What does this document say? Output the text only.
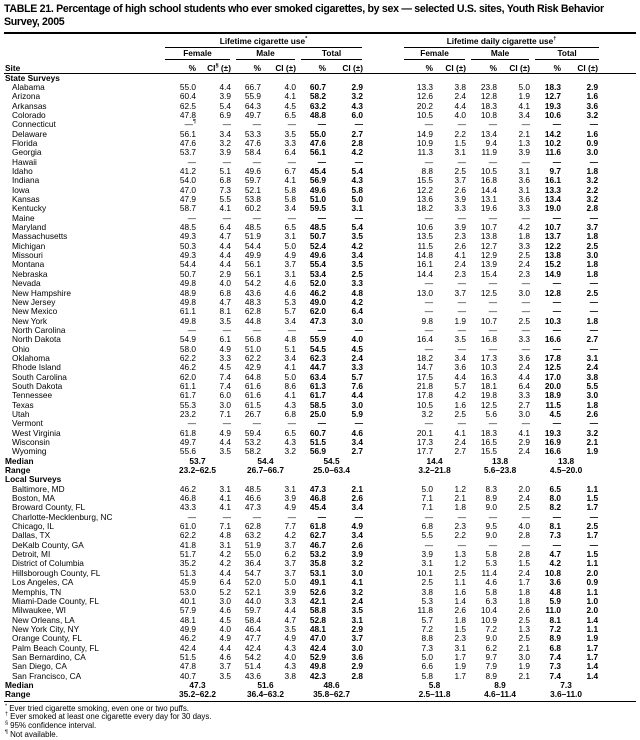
TABLE 21. Percentage of high school students who ever smoked cigarettes, by sex — selected U.S. sites, Youth Risk Behavior Survey, 2005

	Lifetime cigarette use*							Lifetime daily cigarette use†

	Female		Male		Total			Female		Male		Total	

Site	%	CI§ (±)	%	CI (±)	%	CI (±)		%	CI (±)	%	CI (±)	%	CI (±)
State Surveys													
Alabama	55.0	4.4	66.7	4.0	60.7	2.9		13.3	3.8	23.8	5.0	18.3	2.9
Arizona	60.4	3.9	55.9	4.1	58.2	3.2		12.6	2.4	12.8	1.9	12.7	1.6
Arkansas	62.5	5.4	64.3	4.5	63.2	4.3		20.2	4.4	18.3	4.1	19.3	3.6
Colorado	47.8	6.9	49.7	6.5	48.8	6.0		10.5	4.0	10.8	3.4	10.6	3.2
Connecticut	—¶	—	—	—	—	—		—	—	—	—	—	—
Delaware	56.1	3.4	53.3	3.5	55.0	2.7		14.9	2.2	13.4	2.1	14.2	1.6
Florida	47.6	3.2	47.6	3.3	47.6	2.8		10.9	1.5	9.4	1.3	10.2	0.9
Georgia	53.7	3.9	58.4	6.4	56.1	4.2		11.3	3.1	11.9	3.9	11.6	3.0
Hawaii	—	—	—	—	—	—		—	—	—	—	—	—
Idaho	41.2	5.1	49.6	6.7	45.4	5.4		8.8	2.5	10.5	3.1	9.7	1.8
Indiana	54.0	6.8	59.7	4.1	56.9	4.3		15.5	3.7	16.8	3.6	16.1	3.2
Iowa	47.0	7.3	52.1	5.8	49.6	5.8		12.2	2.6	14.4	3.1	13.3	2.2
Kansas	47.9	5.5	53.8	5.8	51.0	5.0		13.6	3.9	13.1	3.6	13.4	3.2
Kentucky	58.7	4.1	60.2	3.4	59.5	3.1		18.2	3.3	19.6	3.3	19.0	2.8
Maine	—	—	—	—	—	—		—	—	—	—	—	—
Maryland	48.5	6.4	48.5	6.5	48.5	5.4		10.6	3.9	10.7	4.2	10.7	3.7
Massachusetts	49.3	4.7	51.9	3.1	50.7	3.5		13.5	2.3	13.8	1.8	13.7	1.8
Michigan	50.3	4.4	54.4	5.0	52.4	4.2		11.5	2.6	12.7	3.3	12.2	2.5
Missouri	49.3	4.4	49.9	4.9	49.6	3.4		14.8	4.1	12.9	2.5	13.8	3.0
Montana	54.4	4.4	56.1	3.7	55.4	3.5		16.1	2.4	13.9	2.4	15.2	1.8
Nebraska	50.7	2.9	56.1	3.1	53.4	2.5		14.4	2.3	15.4	2.3	14.9	1.8
Nevada	49.8	4.0	54.2	4.6	52.0	3.3		—	—	—	—	—	—
New Hampshire	48.9	6.8	43.6	4.6	46.2	4.8		13.0	3.7	12.5	3.0	12.8	2.5
New Jersey	49.8	4.7	48.3	5.3	49.0	4.2		—	—	—	—	—	—
New Mexico	61.1	8.1	62.8	5.7	62.0	6.4		—	—	—	—	—	—
New York	49.8	3.5	44.8	3.4	47.3	3.0		9.8	1.9	10.7	2.5	10.3	1.8
North Carolina	—	—	—	—	—	—		—	—	—	—	—	—
North Dakota	54.9	6.1	56.8	4.8	55.9	4.0		16.4	3.5	16.8	3.3	16.6	2.7
Ohio	58.0	4.9	51.0	5.1	54.5	4.5		—	—	—	—	—	—
Oklahoma	62.2	3.3	62.2	3.4	62.3	2.4		18.2	3.4	17.3	3.6	17.8	3.1
Rhode Island	46.2	4.5	42.9	4.1	44.7	3.3		14.7	3.6	10.3	2.4	12.5	2.4
South Carolina	62.0	7.4	64.8	5.0	63.4	5.7		17.5	4.4	16.3	4.4	17.0	3.8
South Dakota	61.1	7.4	61.6	8.6	61.3	7.6		21.8	5.7	18.1	6.4	20.0	5.5
Tennessee	61.7	6.0	61.6	4.1	61.7	4.4		17.8	4.2	19.8	3.3	18.9	3.0
Texas	55.3	3.0	61.5	4.3	58.5	3.0		10.5	1.6	12.5	2.7	11.5	1.8
Utah	23.2	7.1	26.7	6.8	25.0	5.9		3.2	2.5	5.6	3.0	4.5	2.6
Vermont	—	—	—	—	—	—		—	—	—	—	—	—
West Virginia	61.8	4.9	59.4	6.5	60.7	4.6		20.1	4.1	18.3	4.1	19.3	3.2
Wisconsin	49.7	4.4	53.2	4.3	51.5	3.4		17.3	2.4	16.5	2.9	16.9	2.1
Wyoming	55.6	3.5	58.2	3.2	56.9	2.7		17.7	2.7	15.5	2.4	16.6	1.9
Median	53.7		54.4		54.5			14.4		13.8		13.8	
Range	23.2–62.5		26.7–66.7		25.0–63.4			3.2–21.8		5.6–23.8		4.5–20.0	
Local Surveys													
Baltimore, MD	46.2	3.1	48.5	3.1	47.3	2.1		5.0	1.2	8.3	2.0	6.5	1.1
Boston, MA	46.8	4.1	46.6	3.9	46.8	2.6		7.1	2.1	8.9	2.4	8.0	1.5
Broward County, FL	43.3	4.1	47.3	4.9	45.4	3.4		7.1	1.8	9.0	2.5	8.2	1.7
Charlotte-Mecklenburg, NC	—	—	—	—	—	—		—	—	—	—	—	—
Chicago, IL	61.0	7.1	62.8	7.7	61.8	4.9		6.8	2.3	9.5	4.0	8.1	2.5
Dallas, TX	62.2	4.8	63.2	4.2	62.7	3.4		5.5	2.2	9.0	2.8	7.3	1.7
DeKalb County, GA	41.8	3.1	51.9	3.7	46.7	2.6		—	—	—	—	—	—
Detroit, MI	51.7	4.2	55.0	6.2	53.2	3.9		3.9	1.3	5.8	2.8	4.7	1.5
District of Columbia	35.2	4.2	36.4	3.7	35.8	3.2		3.1	1.2	5.3	1.5	4.2	1.1
Hillsborough County, FL	51.3	4.4	54.7	3.7	53.1	3.0		10.1	2.5	11.4	2.4	10.8	2.0
Los Angeles, CA	45.9	6.4	52.0	5.0	49.1	4.1		2.5	1.1	4.6	1.7	3.6	0.9
Memphis, TN	53.0	5.2	52.1	3.9	52.6	3.2		3.8	1.6	5.8	1.8	4.8	1.1
Miami-Dade County, FL	40.1	3.0	44.0	3.3	42.1	2.4		5.3	1.4	6.3	1.8	5.9	1.0
Milwaukee, WI	57.9	4.6	59.7	4.4	58.8	3.5		11.8	2.6	10.4	2.6	11.0	2.0
New Orleans, LA	48.1	4.5	58.4	4.7	52.8	3.1		5.7	1.8	10.9	2.5	8.1	1.4
New York City, NY	49.9	4.0	46.4	3.5	48.1	2.9		7.2	1.5	7.2	1.3	7.2	1.1
Orange County, FL	46.2	4.9	47.7	4.9	47.0	3.7		8.8	2.3	9.0	2.5	8.9	1.9
Palm Beach County, FL	42.4	4.4	42.4	4.3	42.4	3.0		7.3	3.1	6.2	2.1	6.8	1.7
San Bernardino, CA	51.5	4.6	54.2	4.0	52.9	3.6		5.0	1.7	9.7	3.0	7.4	1.7
San Diego, CA	47.8	3.7	51.4	4.3	49.8	2.9		6.6	1.9	7.9	1.9	7.3	1.4
San Francisco, CA	40.7	3.5	43.6	3.8	42.3	2.8		5.8	1.7	8.9	2.1	7.4	1.4
Median	47.3		51.6		48.6			5.8		8.9		7.3	
Range	35.2–62.2		36.4–63.2		35.8–62.7			2.5–11.8		4.6–11.4		3.6–11.0	
* Ever tried cigarette smoking, even one or two puffs.
† Ever smoked at least one cigarette every day for 30 days.
§ 95% confidence interval.
¶ Not available.
